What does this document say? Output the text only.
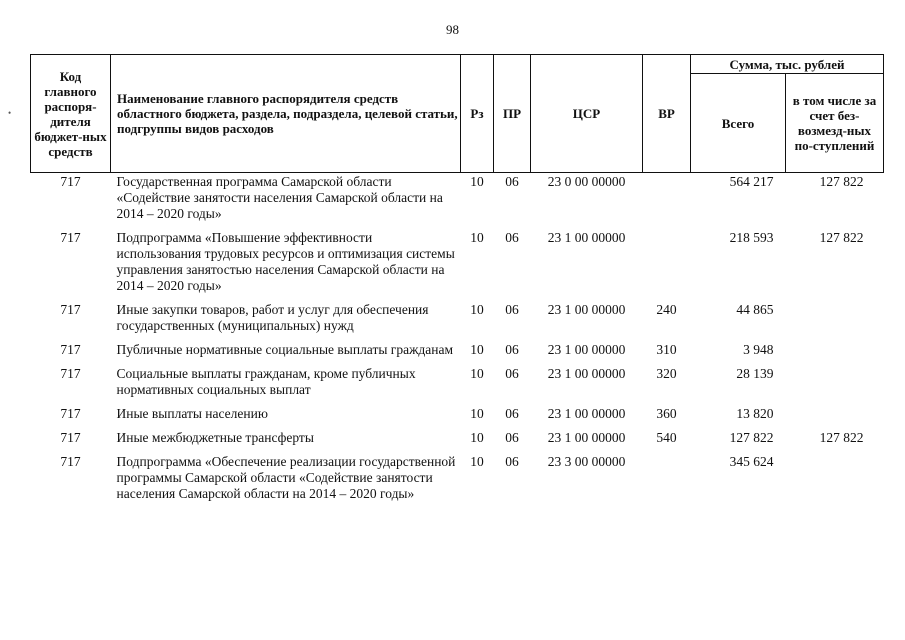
98
•
Код главного распоря-дителя бюджет-ных средств	Наименование главного распорядителя средств областного бюджета, раздела, подраздела, целевой статьи, подгруппы видов расходов	Рз	ПР	ЦСР	ВР	Сумма, тыс. рублей	
						Всего	в том числе за счет без-возмезд-ных по-ступлений
717	Государственная программа Самарской области «Содействие занятости населения Самарской области на 2014 – 2020 годы»	10	06	23 0 00 00000		564 217	127 822
717	Подпрограмма «Повышение эффективности использования трудовых ресурсов и оптимизация системы управления занятостью населения Самарской области на 2014 – 2020 годы»	10	06	23 1 00 00000		218 593	127 822
717	Иные закупки товаров, работ и услуг для обеспечения государственных (муниципальных) нужд	10	06	23 1 00 00000	240	44 865	
717	Публичные нормативные социальные выплаты гражданам	10	06	23 1 00 00000	310	3 948	
717	Социальные выплаты гражданам, кроме публичных нормативных социальных выплат	10	06	23 1 00 00000	320	28 139	
717	Иные выплаты населению	10	06	23 1 00 00000	360	13 820	
717	Иные межбюджетные трансферты	10	06	23 1 00 00000	540	127 822	127 822
717	Подпрограмма «Обеспечение реализации государственной программы Самарской области «Содействие занятости населения Самарской области на 2014 – 2020 годы»	10	06	23 3 00 00000		345 624	
